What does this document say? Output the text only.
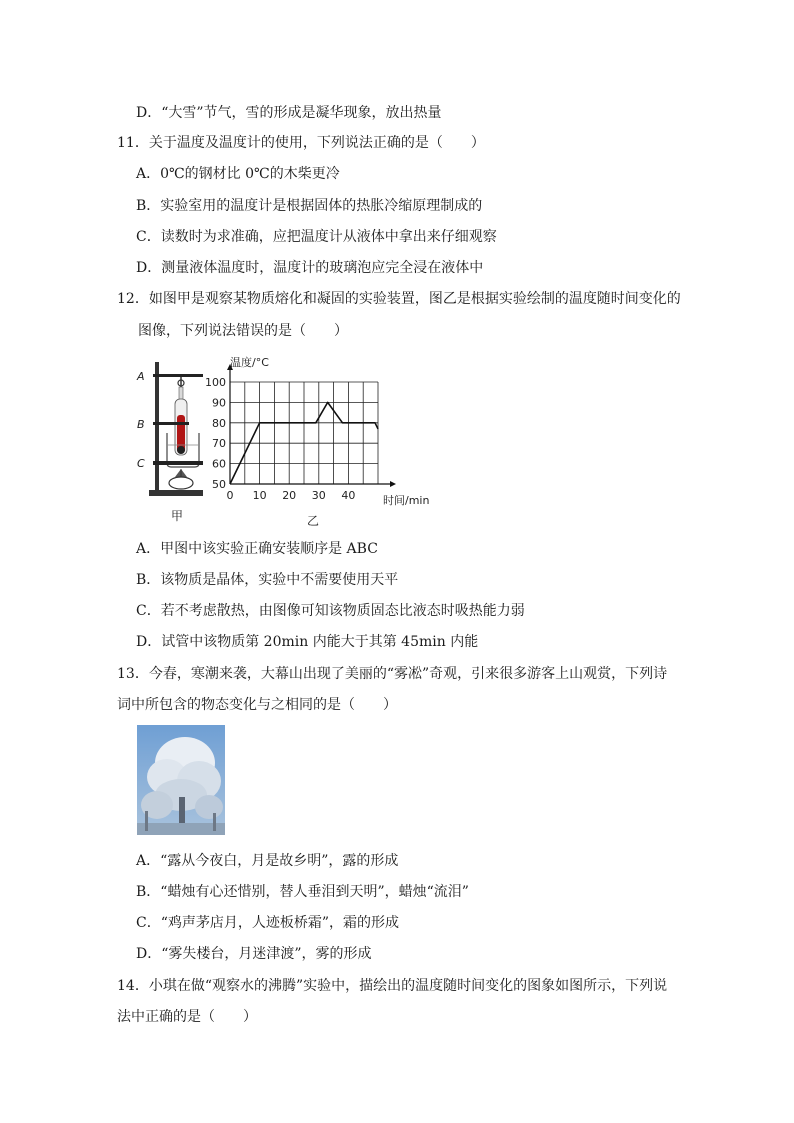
D．“大雪”节气，雪的形成是凝华现象，放出热量
11．关于温度及温度计的使用，下列说法正确的是（　　）
A．0℃的钢材比 0℃的木柴更冷
B．实验室用的温度计是根据固体的热胀冷缩原理制成的
C．读数时为求准确，应把温度计从液体中拿出来仔细观察
D．测量液体温度时，温度计的玻璃泡应完全浸在液体中
12．如图甲是观察某物质熔化和凝固的实验装置，图乙是根据实验绘制的温度随时间变化的
图像，下列说法错误的是（　　）
A
B
C
甲
0 10 20 30 40
50
60
70
80
90
100
温度/°C
时间/min
乙
A．甲图中该实验正确安装顺序是 ABC
B．该物质是晶体，实验中不需要使用天平
C．若不考虑散热，由图像可知该物质固态比液态时吸热能力弱
D．试管中该物质第 20min 内能大于其第 45min 内能
13．今春，寒潮来袭，大幕山出现了美丽的“雾凇”奇观，引来很多游客上山观赏，下列诗
词中所包含的物态变化与之相同的是（　　）
A．“露从今夜白，月是故乡明”，露的形成
B．“蜡烛有心还惜别，替人垂泪到天明”，蜡烛“流泪”
C．“鸡声茅店月，人迹板桥霜”，霜的形成
D．“雾失楼台，月迷津渡”，雾的形成
14．小琪在做“观察水的沸腾”实验中，描绘出的温度随时间变化的图象如图所示，下列说
法中正确的是（　　）
